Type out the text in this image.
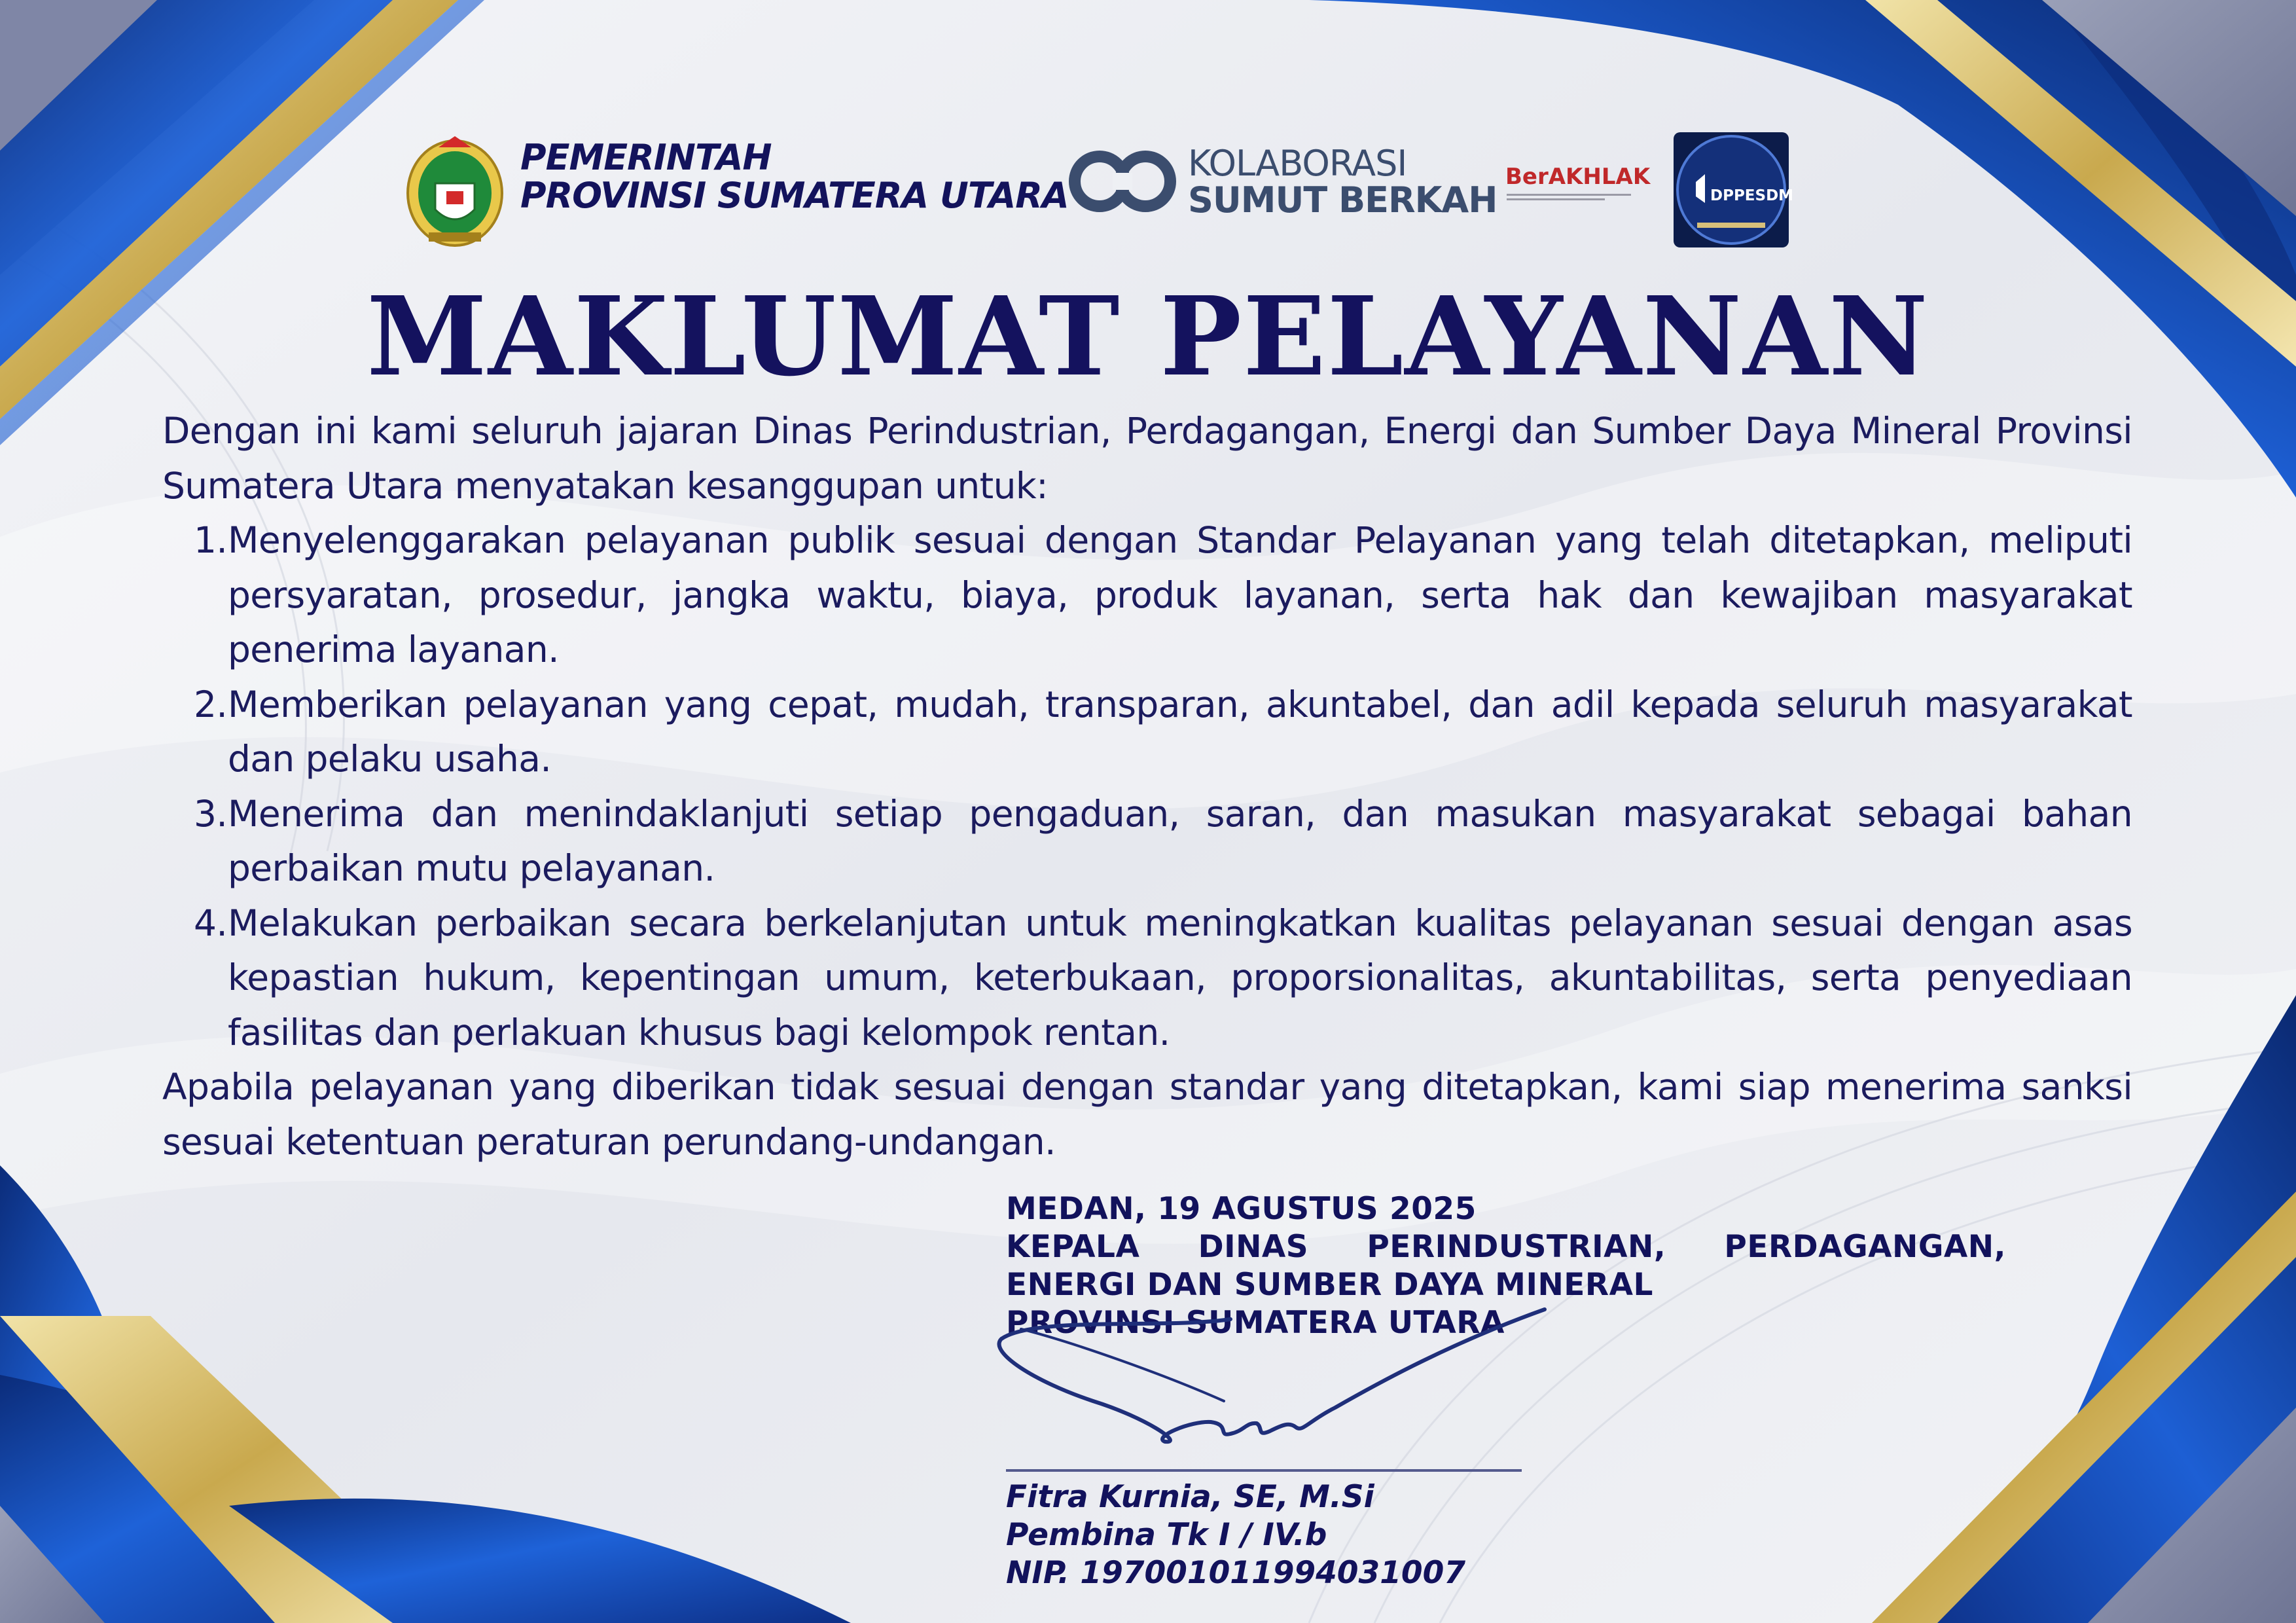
PEMERINTAH
PROVINSI SUMATERA UTARA
KOLABORASI
SUMUT BERKAH
BerAKHLAK
DPPESDM
MAKLUMAT PELAYANAN

Dengan ini kami seluruh jajaran Dinas Perindustrian, Perdagangan, Energi dan Sumber Daya Mineral Provinsi Sumatera Utara menyatakan kesanggupan untuk:

1. Menyelenggarakan pelayanan publik sesuai dengan Standar Pelayanan yang telah ditetapkan, meliputi persyaratan, prosedur, jangka waktu, biaya, produk layanan, serta hak dan kewajiban masyarakat penerima layanan.
2. Memberikan pelayanan yang cepat, mudah, transparan, akuntabel, dan adil kepada seluruh masyarakat dan pelaku usaha.
3. Menerima dan menindaklanjuti setiap pengaduan, saran, dan masukan masyarakat sebagai bahan perbaikan mutu pelayanan.
4. Melakukan perbaikan secara berkelanjutan untuk meningkatkan kualitas pelayanan sesuai dengan asas kepastian hukum, kepentingan umum, keterbukaan, proporsionalitas, akuntabilitas, serta penyediaan fasilitas dan perlakuan khusus bagi kelompok rentan.

Apabila pelayanan yang diberikan tidak sesuai dengan standar yang ditetapkan, kami siap menerima sanksi sesuai ketentuan peraturan perundang-undangan.

MEDAN, 19 AGUSTUS 2025
KEPALA DINAS PERINDUSTRIAN, PERDAGANGAN,
ENERGI DAN SUMBER DAYA MINERAL
PROVINSI SUMATERA UTARA
Fitra Kurnia, SE, M.Si
Pembina Tk I / IV.b
NIP. 197001011994031007
